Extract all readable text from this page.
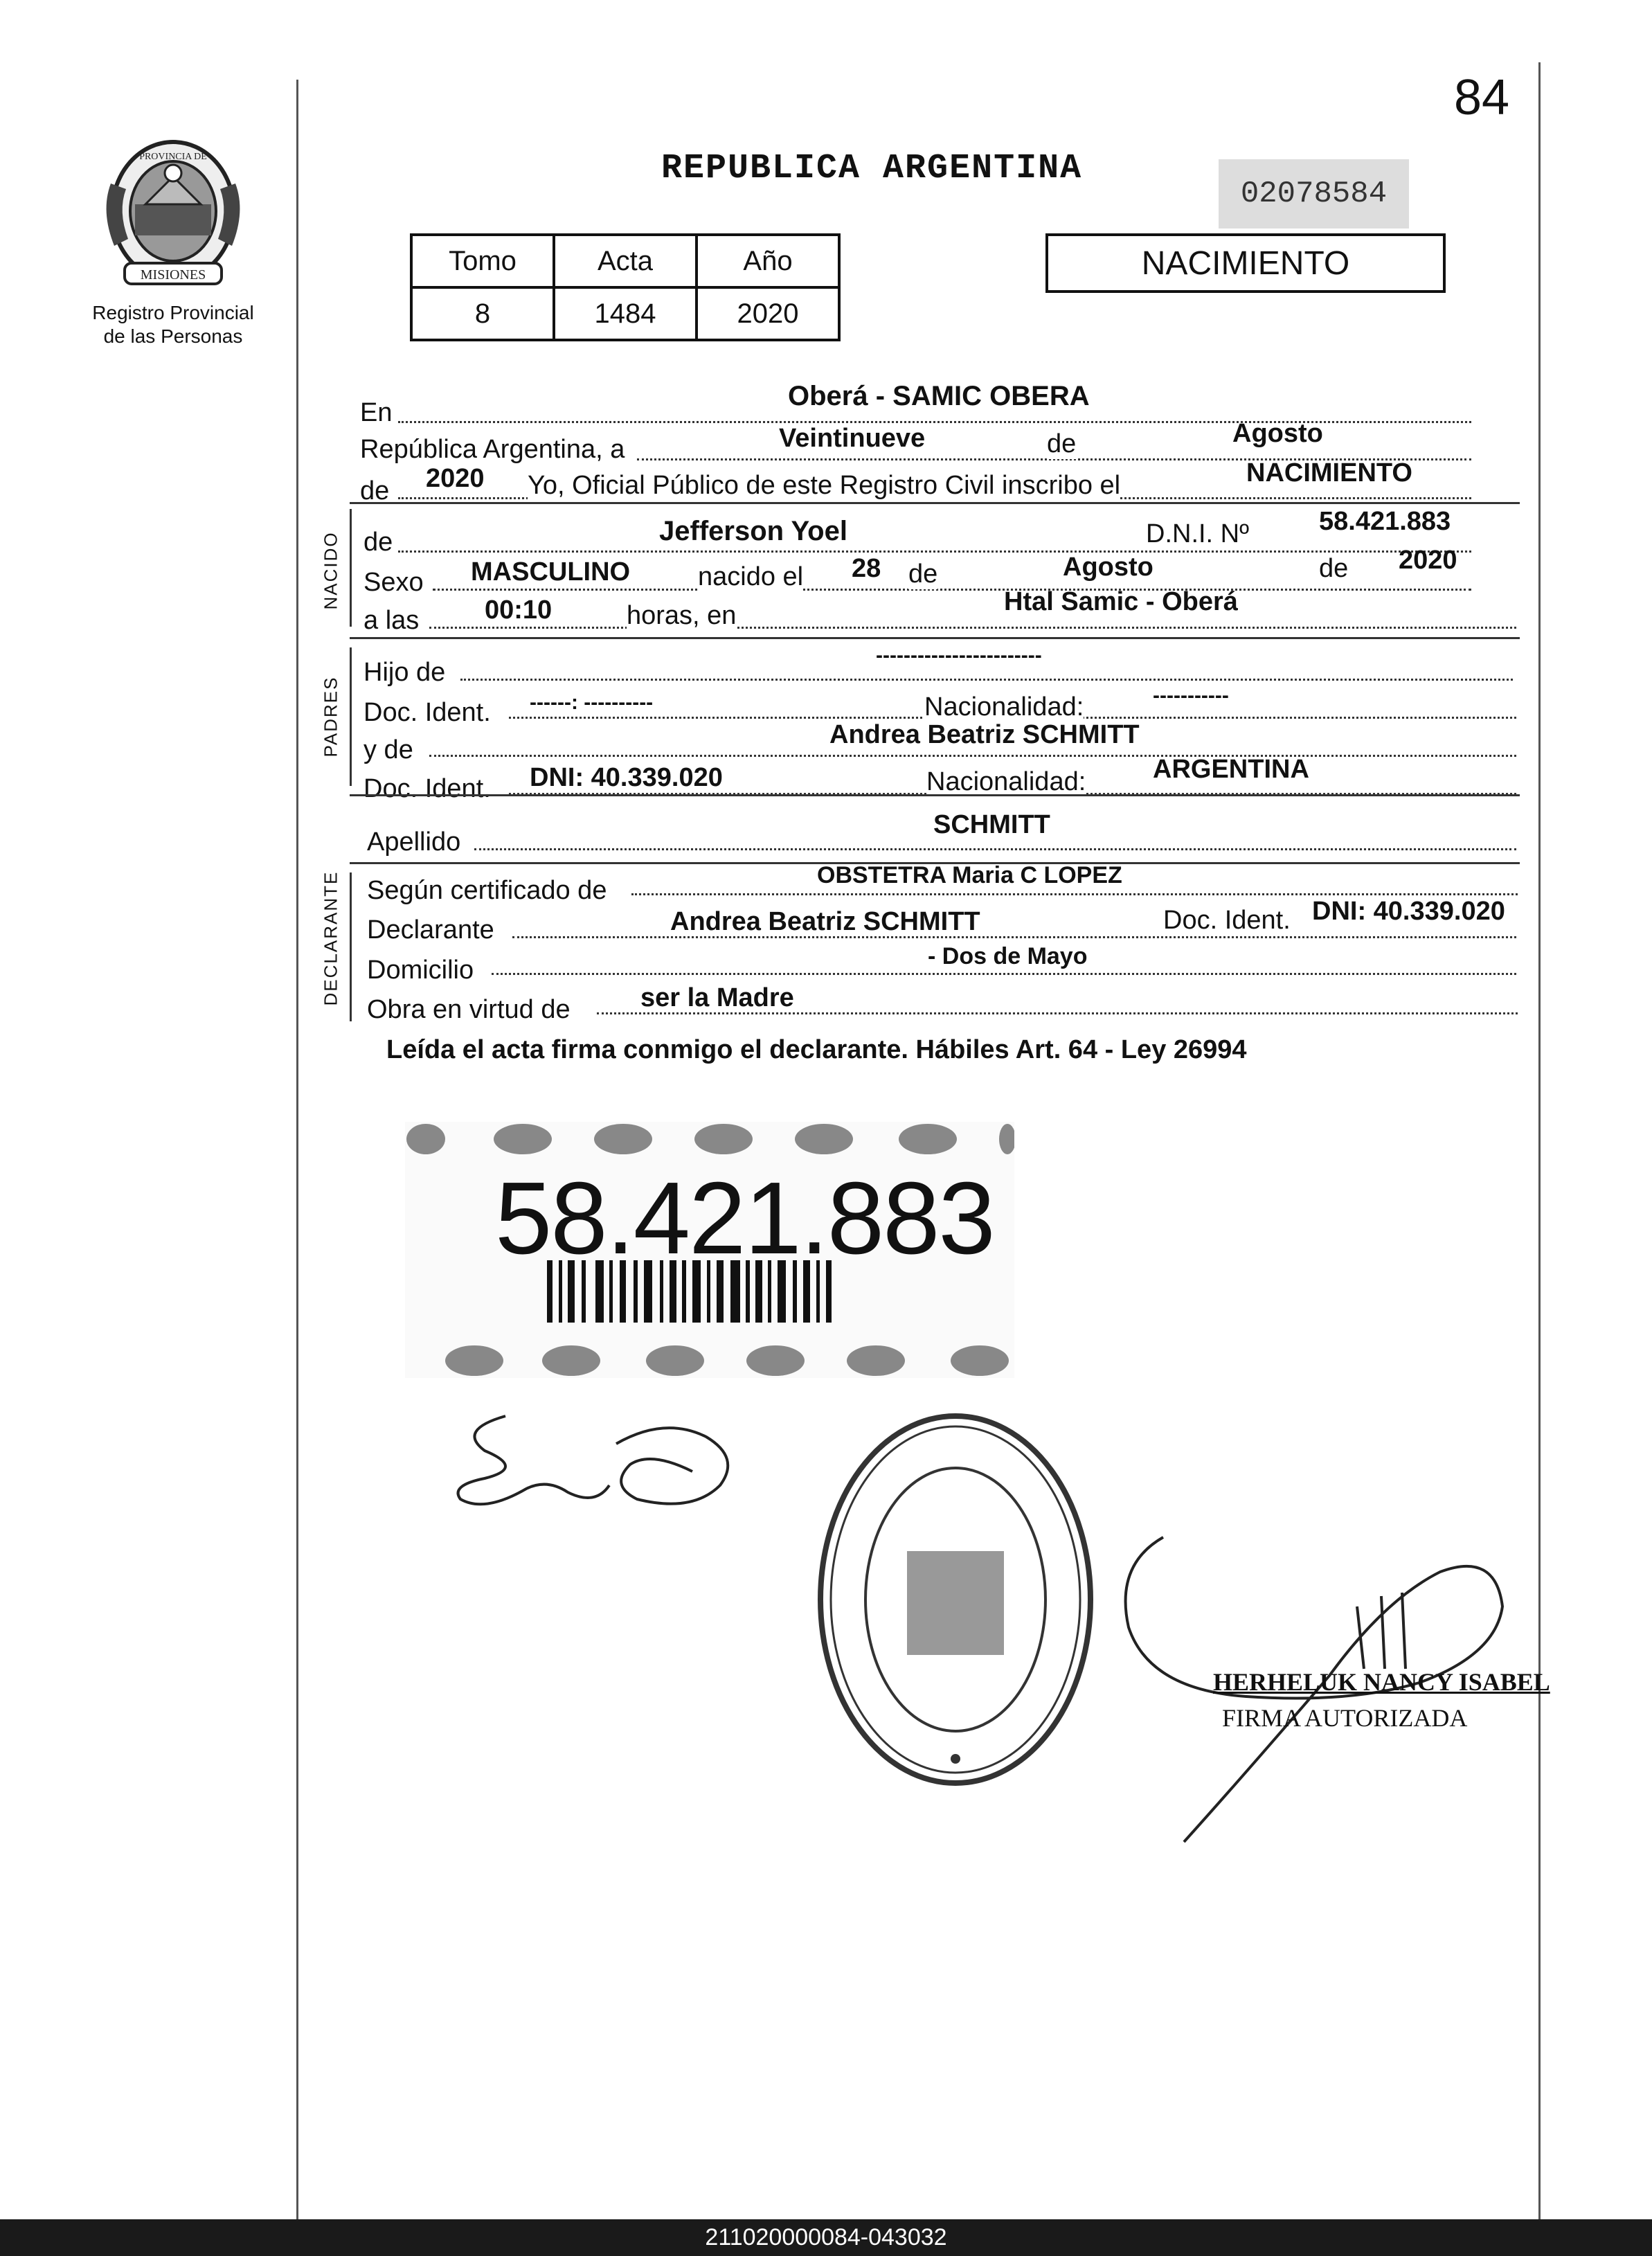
84
MISIONES
PROVINCIA DE
Registro Provincial
de las Personas
REPUBLICA ARGENTINA
02078584
Tomo	Acta	Año
8	1484	2020
NACIMIENTO
En
Oberá - SAMIC OBERA
República Argentina, a	Veintinueve	de	Agosto
de 2020 Yo, Oficial Público de este Registro Civil inscribo el	NACIMIENTO
NACIDO de	Jefferson Yoel	D.N.I. Nº	58.421.883
Sexo MASCULINO	nacido el 28 de	Agosto	de 2020
a las 00:10	horas, en	Htal Samic - Oberá
PADRES
Hijo de
------------------------
Doc. Ident. ------: ----------	Nacionalidad:	-----------
y de
Andrea Beatriz SCHMITT
Doc. Ident. DNI: 40.339.020	Nacionalidad:	ARGENTINA
Apellido
SCHMITT
DECLARANTE Según certificado de
OBSTETRA Maria C LOPEZ
Declarante	Andrea Beatriz SCHMITT	Doc. Ident. DNI: 40.339.020
Domicilio	- Dos de Mayo
Obra en virtud de	ser la Madre
Leída el acta firma conmigo el declarante. Hábiles Art. 64 - Ley 26994
58.421.883
HERHELUK NANCY ISABEL
FIRMA AUTORIZADA
211020000084-043032
